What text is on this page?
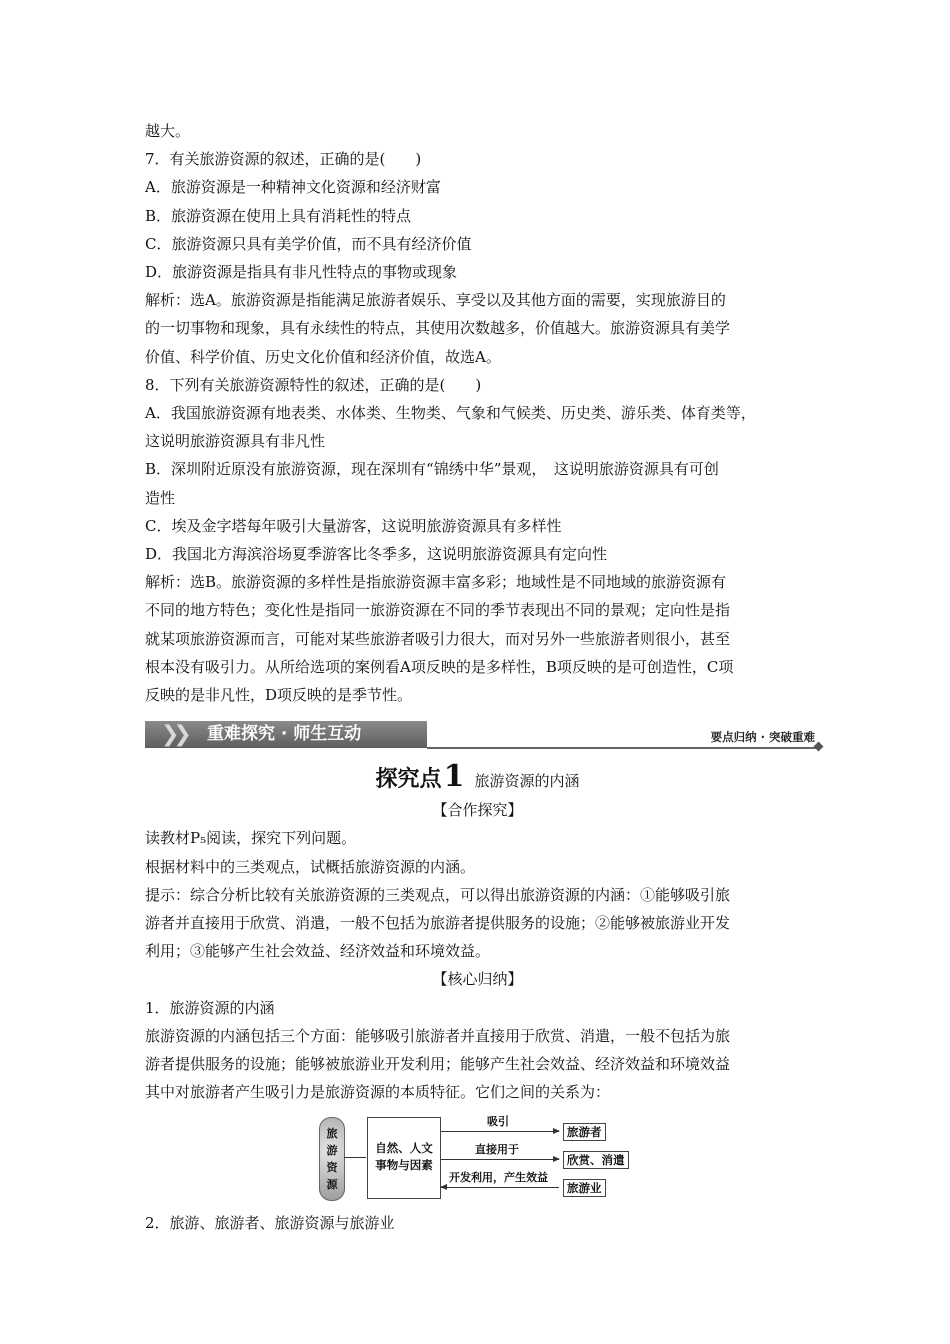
越大。
7．有关旅游资源的叙述，正确的是(　　)
A．旅游资源是一种精神文化资源和经济财富
B．旅游资源在使用上具有消耗性的特点
C．旅游资源只具有美学价值，而不具有经济价值
D．旅游资源是指具有非凡性特点的事物或现象
解析：选A。旅游资源是指能满足旅游者娱乐、享受以及其他方面的需要，实现旅游目的
的一切事物和现象，具有永续性的特点，其使用次数越多，价值越大。旅游资源具有美学
价值、科学价值、历史文化价值和经济价值，故选A。
8．下列有关旅游资源特性的叙述，正确的是(　　)
A．我国旅游资源有地表类、水体类、生物类、气象和气候类、历史类、游乐类、体育类等，
这说明旅游资源具有非凡性
B．深圳附近原没有旅游资源，现在深圳有“锦绣中华”景观，　这说明旅游资源具有可创
造性
C．埃及金字塔每年吸引大量游客，这说明旅游资源具有多样性
D．我国北方海滨浴场夏季游客比冬季多，这说明旅游资源具有定向性
解析：选B。旅游资源的多样性是指旅游资源丰富多彩；地域性是不同地域的旅游资源有
不同的地方特色；变化性是指同一旅游资源在不同的季节表现出不同的景观；定向性是指
就某项旅游资源而言，可能对某些旅游者吸引力很大，而对另外一些旅游者则很小，甚至
根本没有吸引力。从所给选项的案例看A项反映的是多样性，B项反映的是可创造性，C项
反映的是非凡性，D项反映的是季节性。
❯❯ 重难探究 · 师生互动	要点归纳 · 突破重难
探究点1 旅游资源的内涵
【合作探究】
读教材P₅阅读，探究下列问题。
根据材料中的三类观点，试概括旅游资源的内涵。
提示：综合分析比较有关旅游资源的三类观点，可以得出旅游资源的内涵：①能够吸引旅
游者并直接用于欣赏、消遣，一般不包括为旅游者提供服务的设施；②能够被旅游业开发
利用；③能够产生社会效益、经济效益和环境效益。
【核心归纳】
1．旅游资源的内涵
旅游资源的内涵包括三个方面：能够吸引旅游者并直接用于欣赏、消遣，一般不包括为旅
游者提供服务的设施；能够被旅游业开发利用；能够产生社会效益、经济效益和环境效益
其中对旅游者产生吸引力是旅游资源的本质特征。它们之间的关系为：
旅
游
资
源
自然、人文
事物与因素
吸引
旅游者
直接用于
欣赏、消遣
开发利用，产生效益
旅游业
2．旅游、旅游者、旅游资源与旅游业
